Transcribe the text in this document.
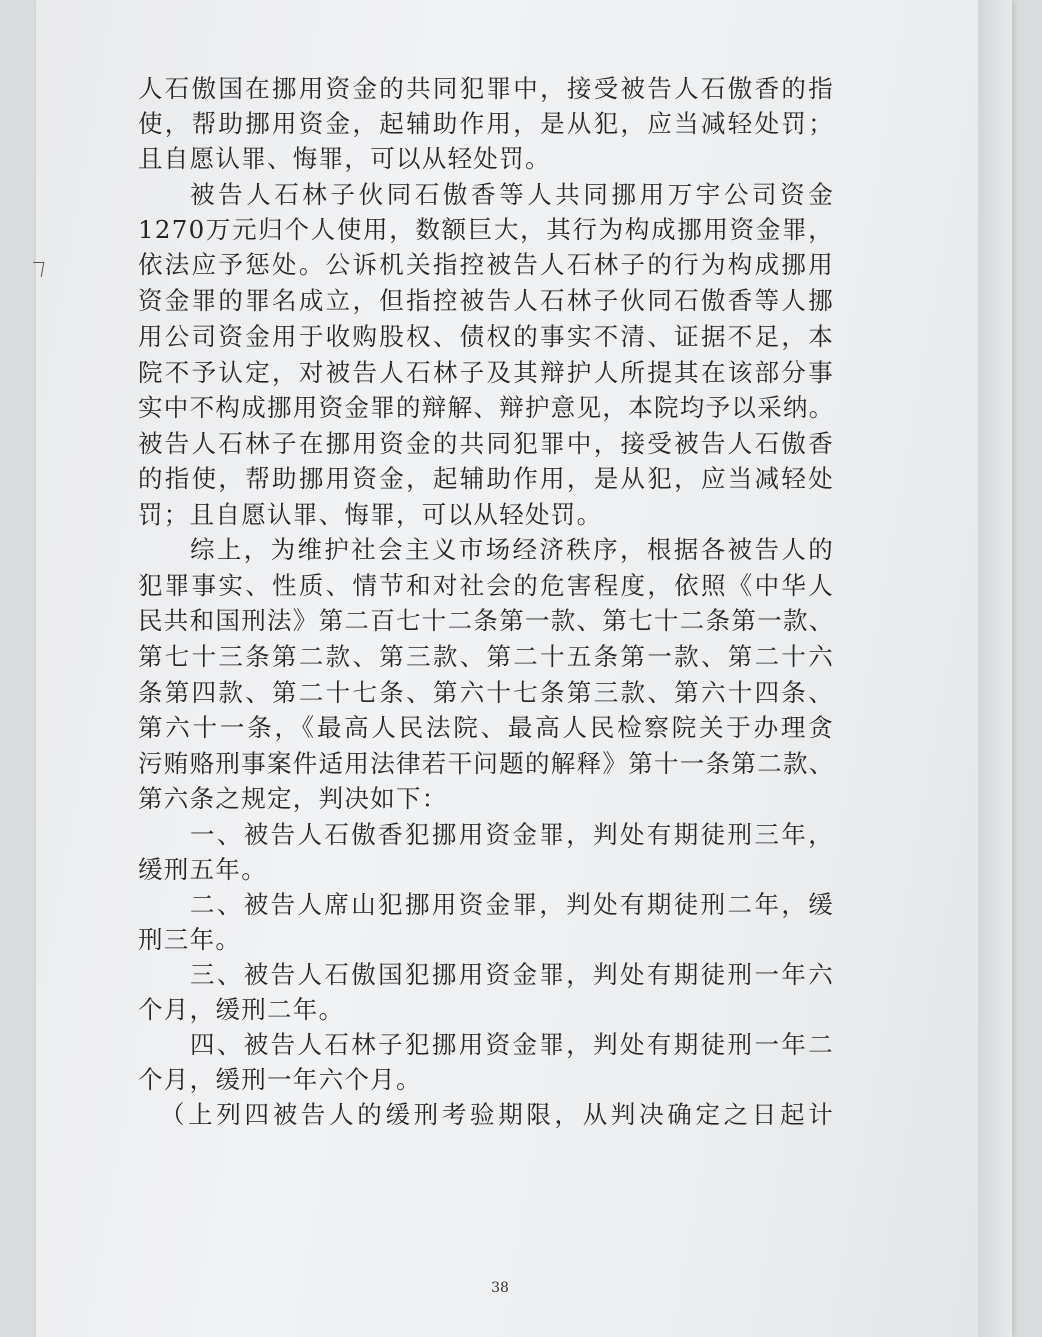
人石傲国在挪用资金的共同犯罪中，接受被告人石傲香的指

使，帮助挪用资金，起辅助作用，是从犯，应当减轻处罚；

且自愿认罪、悔罪，可以从轻处罚。

被告人石林子伙同石傲香等人共同挪用万宇公司资金

1270万元归个人使用，数额巨大，其行为构成挪用资金罪，

依法应予惩处。公诉机关指控被告人石林子的行为构成挪用

资金罪的罪名成立，但指控被告人石林子伙同石傲香等人挪

用公司资金用于收购股权、债权的事实不清、证据不足，本

院不予认定，对被告人石林子及其辩护人所提其在该部分事

实中不构成挪用资金罪的辩解、辩护意见，本院均予以采纳。

被告人石林子在挪用资金的共同犯罪中，接受被告人石傲香

的指使，帮助挪用资金，起辅助作用，是从犯，应当减轻处

罚；且自愿认罪、悔罪，可以从轻处罚。

综上，为维护社会主义市场经济秩序，根据各被告人的

犯罪事实、性质、情节和对社会的危害程度，依照《中华人

民共和国刑法》第二百七十二条第一款、第七十二条第一款、

第七十三条第二款、第三款、第二十五条第一款、第二十六

条第四款、第二十七条、第六十七条第三款、第六十四条、

第六十一条，《最高人民法院、最高人民检察院关于办理贪

污贿赂刑事案件适用法律若干问题的解释》第十一条第二款、

第六条之规定，判决如下：

一、被告人石傲香犯挪用资金罪，判处有期徒刑三年，

缓刑五年。

二、被告人席山犯挪用资金罪，判处有期徒刑二年，缓

刑三年。

三、被告人石傲国犯挪用资金罪，判处有期徒刑一年六

个月，缓刑二年。

四、被告人石林子犯挪用资金罪，判处有期徒刑一年二

个月，缓刑一年六个月。

（上列四被告人的缓刑考验期限，从判决确定之日起计

38
